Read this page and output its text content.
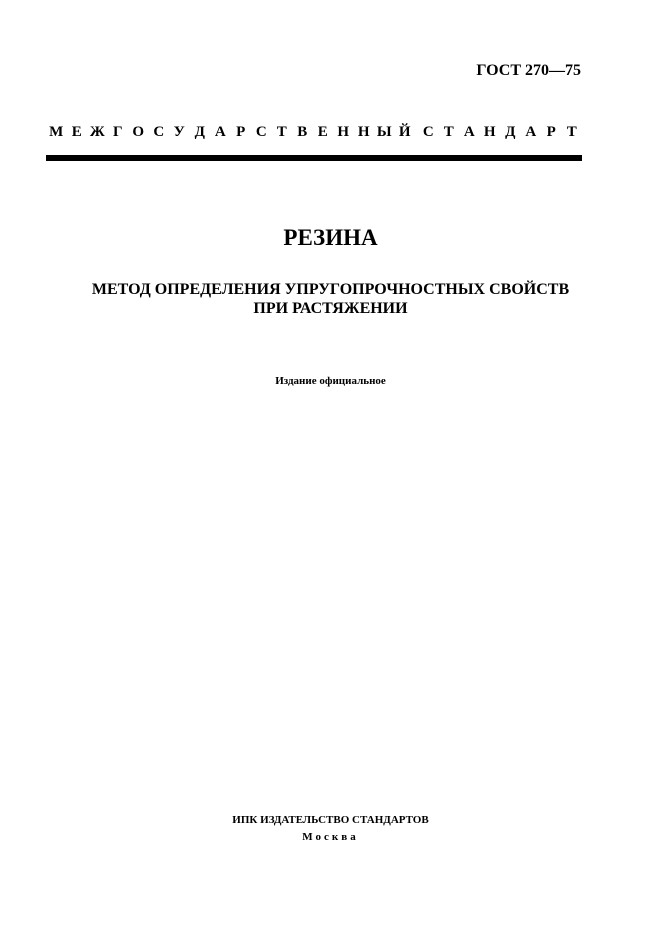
ГОСТ 270—75
М Е Ж Г О С У Д А Р С Т В Е Н Н Ы Й С Т А Н Д А Р Т
РЕЗИНА
МЕТОД ОПРЕДЕЛЕНИЯ УПРУГОПРОЧНОСТНЫХ СВОЙСТВ
ПРИ РАСТЯЖЕНИИ
Издание официальное
ИПК ИЗДАТЕЛЬСТВО СТАНДАРТОВ
Москва
